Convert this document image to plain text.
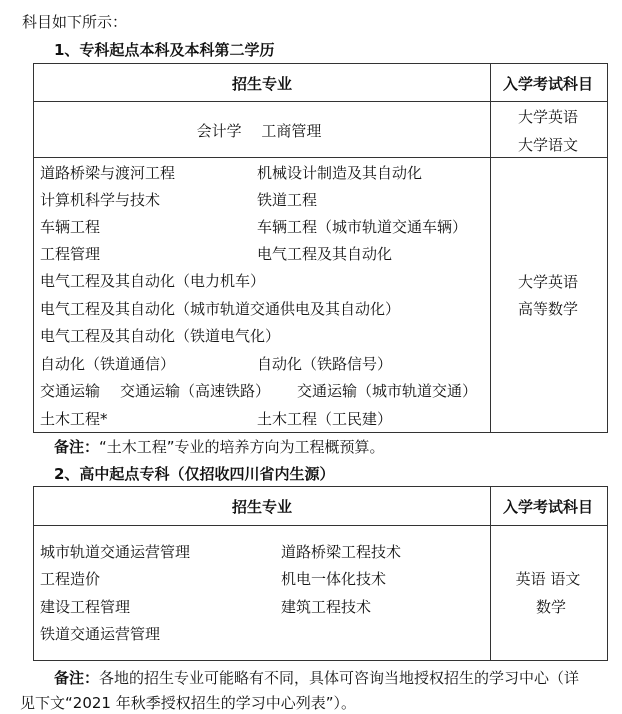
科目如下所示：
1、专科起点本科及本科第二学历
招生专业	入学考试科目
会计学　 工商管理
大学英语
大学语文
道路桥梁与渡河工程	机械设计制造及其自动化
计算机科学与技术	铁道工程
车辆工程	车辆工程（城市轨道交通车辆）
工程管理	电气工程及其自动化
电气工程及其自动化（电力机车）
电气工程及其自动化（城市轨道交通供电及其自动化）
电气工程及其自动化（铁道电气化）
自动化（铁道通信）	自动化（铁路信号）
交通运输 交通运输（高速铁路） 交通运输（城市轨道交通）
土木工程*	土木工程（工民建）
大学英语
高等数学
备注： “土木工程”专业的培养方向为工程概预算。
2、高中起点专科（仅招收四川省内生源）
招生专业	入学考试科目
城市轨道交通运营管理	道路桥梁工程技术
工程造价	机电一体化技术
建设工程管理	建筑工程技术
铁道交通运营管理
英语 语文
数学
备注： 各地的招生专业可能略有不同，具体可咨询当地授权招生的学习中心（详
见下文“2021 年秋季授权招生的学习中心列表”）。
